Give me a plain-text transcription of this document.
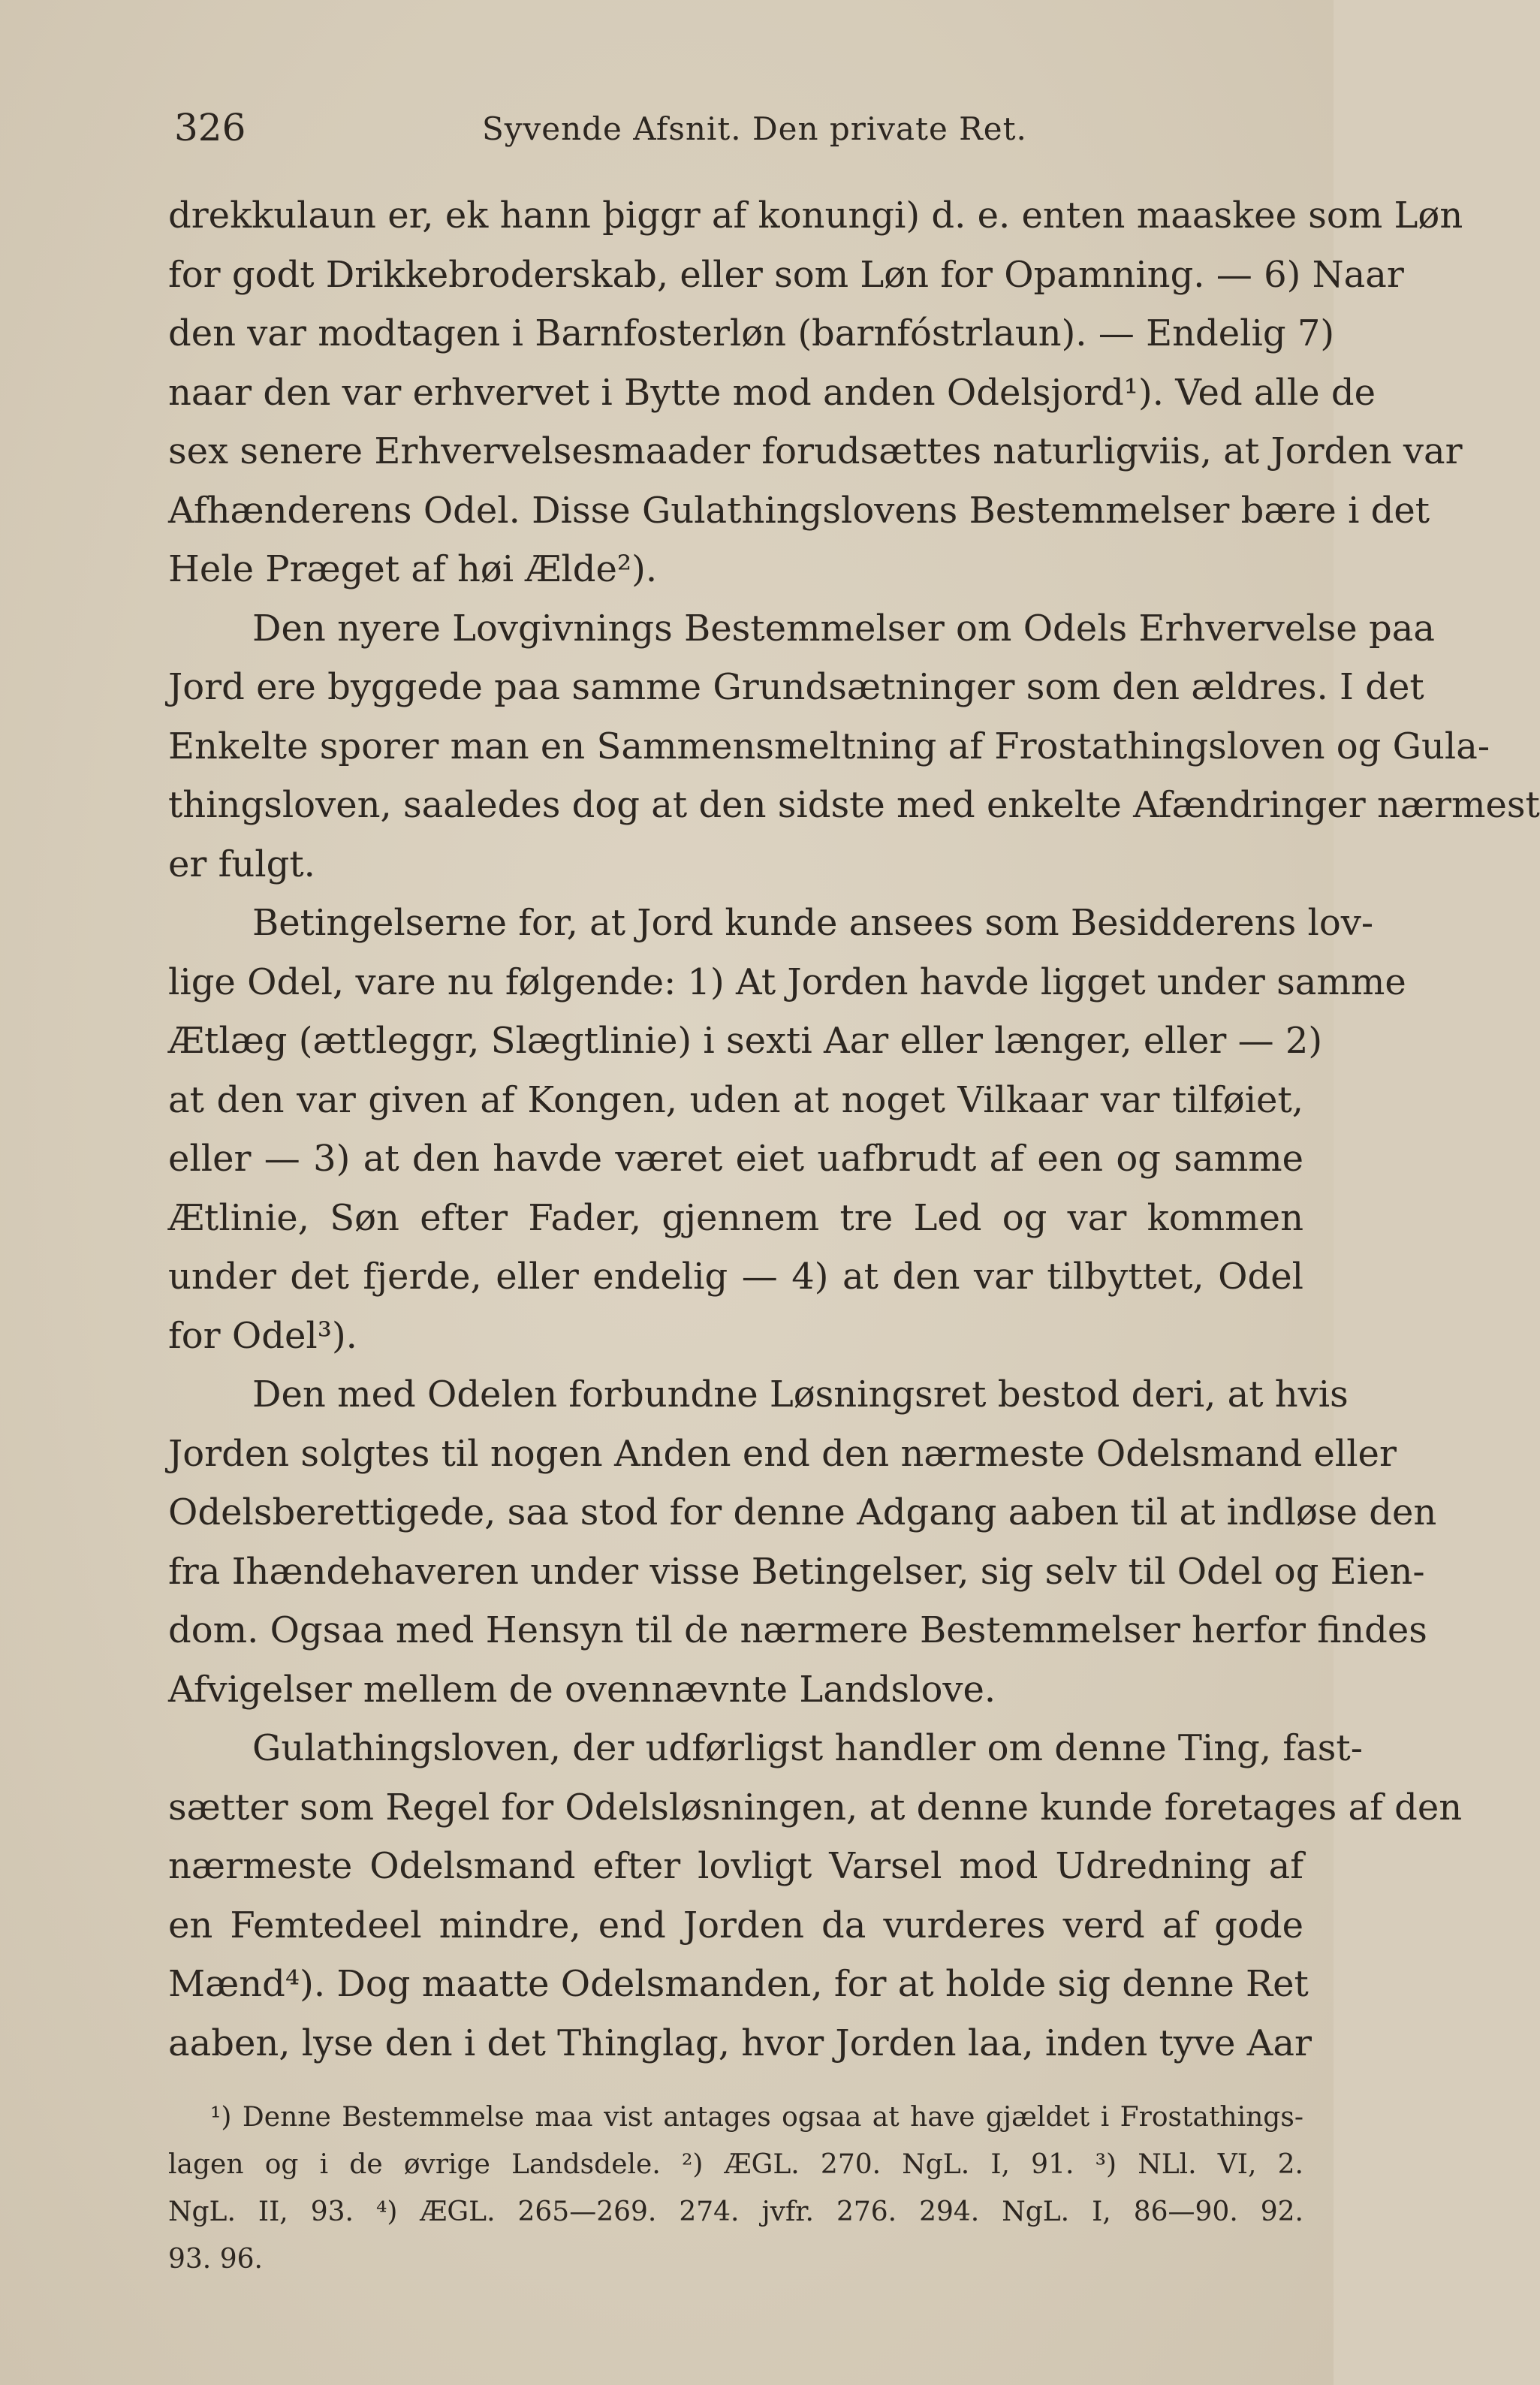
326	Syvende Afsnit. Den private Ret.
drekkulaun er, ek hann þiggr af konungi) d. e. enten maaskee som Løn
for godt Drikkebroderskab, eller som Løn for Opamning. — 6) Naar
den var modtagen i Barnfosterløn (barnfóstrlaun). — Endelig 7)
naar den var erhvervet i Bytte mod anden Odelsjord¹). Ved alle de
sex senere Erhvervelsesmaader forudsættes naturligviis, at Jorden var
Afhænderens Odel. Disse Gulathingslovens Bestemmelser bære i det
Hele Præget af høi Ælde²).
Den nyere Lovgivnings Bestemmelser om Odels Erhvervelse paa
Jord ere byggede paa samme Grundsætninger som den ældres. I det
Enkelte sporer man en Sammensmeltning af Frostathingsloven og Gula-
thingsloven, saaledes dog at den sidste med enkelte Afændringer nærmest
er fulgt.
Betingelserne for, at Jord kunde ansees som Besidderens lov-
lige Odel, vare nu følgende: 1) At Jorden havde ligget under samme
Ætlæg (ættleggr, Slægtlinie) i sexti Aar eller længer, eller — 2)
at den var given af Kongen, uden at noget Vilkaar var tilføiet,
eller — 3) at den havde været eiet uafbrudt af een og samme
Ætlinie, Søn efter Fader, gjennem tre Led og var kommen
under det fjerde, eller endelig — 4) at den var tilbyttet, Odel
for Odel³).
Den med Odelen forbundne Løsningsret bestod deri, at hvis
Jorden solgtes til nogen Anden end den nærmeste Odelsmand eller
Odelsberettigede, saa stod for denne Adgang aaben til at indløse den
fra Ihændehaveren under visse Betingelser, sig selv til Odel og Eien-
dom. Ogsaa med Hensyn til de nærmere Bestemmelser herfor findes
Afvigelser mellem de ovennævnte Landslove.
Gulathingsloven, der udførligst handler om denne Ting, fast-
sætter som Regel for Odelsløsningen, at denne kunde foretages af den
nærmeste Odelsmand efter lovligt Varsel mod Udredning af
en Femtedeel mindre, end Jorden da vurderes verd af gode
Mænd⁴). Dog maatte Odelsmanden, for at holde sig denne Ret
aaben, lyse den i det Thinglag, hvor Jorden laa, inden tyve Aar
¹) Denne Bestemmelse maa vist antages ogsaa at have gjældet i Frostathings-
lagen og i de øvrige Landsdele. ²) ÆGL. 270. NgL. I, 91. ³) NLl. VI, 2.
NgL. II, 93. ⁴) ÆGL. 265—269. 274. jvfr. 276. 294. NgL. I, 86—90. 92.
93. 96.
